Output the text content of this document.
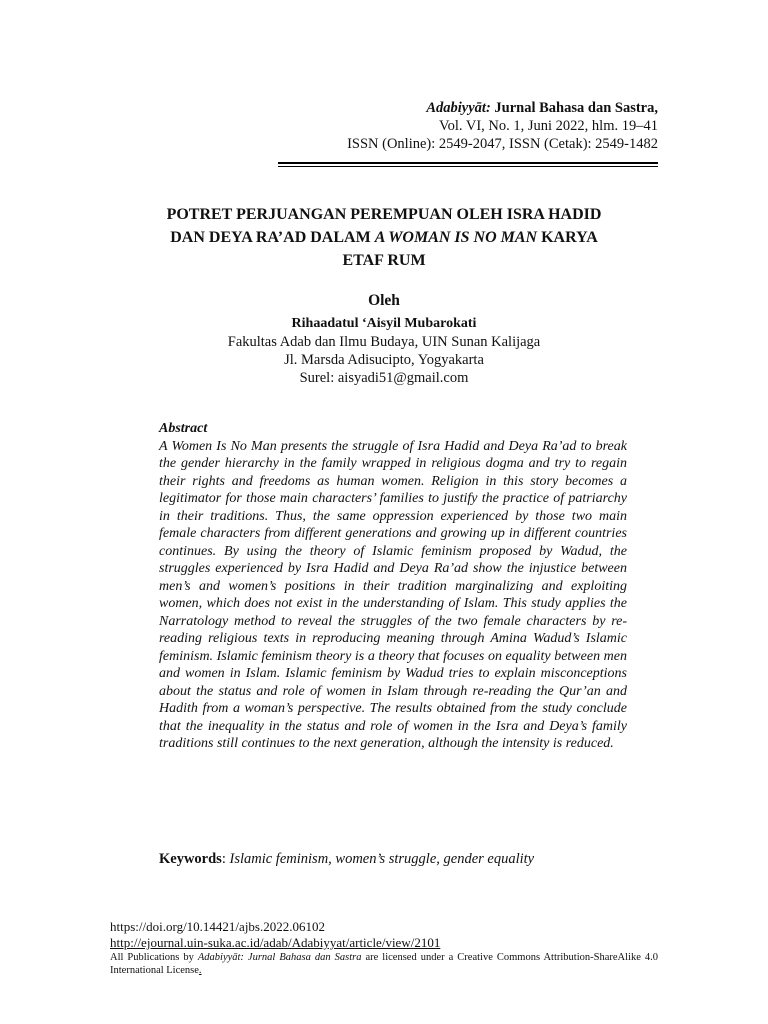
Adabiyyāt: Jurnal Bahasa dan Sastra,
Vol. VI, No. 1, Juni 2022, hlm. 19–41
ISSN (Online): 2549-2047, ISSN (Cetak): 2549-1482
POTRET PERJUANGAN PEREMPUAN OLEH ISRA HADID
DAN DEYA RA’AD DALAM A WOMAN IS NO MAN KARYA
ETAF RUM
Oleh
Rihaadatul ‘Aisyil Mubarokati
Fakultas Adab dan Ilmu Budaya, UIN Sunan Kalijaga
Jl. Marsda Adisucipto, Yogyakarta
Surel: aisyadi51@gmail.com
Abstract
A Women Is No Man presents the struggle of Isra Hadid and Deya Ra’ad to break the gender hierarchy in the family wrapped in religious dogma and try to regain their rights and freedoms as human women. Religion in this story becomes a legitimator for those main characters’ families to justify the practice of patriarchy in their traditions. Thus, the same oppression experienced by those two main female characters from different generations and growing up in different countries continues. By using the theory of Islamic feminism proposed by Wadud, the struggles experienced by Isra Hadid and Deya Ra’ad show the injustice between men’s and women’s positions in their tradition marginalizing and exploiting women, which does not exist in the understanding of Islam. This study applies the Narratology method to reveal the struggles of the two female characters by re-reading religious texts in reproducing meaning through Amina Wadud’s Islamic feminism. Islamic feminism theory is a theory that focuses on equality between men and women in Islam. Islamic feminism by Wadud tries to explain misconceptions about the status and role of women in Islam through re-reading the Qur’an and Hadith from a woman’s perspective. The results obtained from the study conclude that the inequality in the status and role of women in the Isra and Deya’s family traditions still continues to the next generation, although the intensity is reduced.
Keywords: Islamic feminism, women’s struggle, gender equality
https://doi.org/10.14421/ajbs.2022.06102
http://ejournal.uin-suka.ac.id/adab/Adabiyyat/article/view/2101
All Publications by Adabiyyāt: Jurnal Bahasa dan Sastra are licensed under a Creative Commons Attribution-ShareAlike 4.0 International License.
